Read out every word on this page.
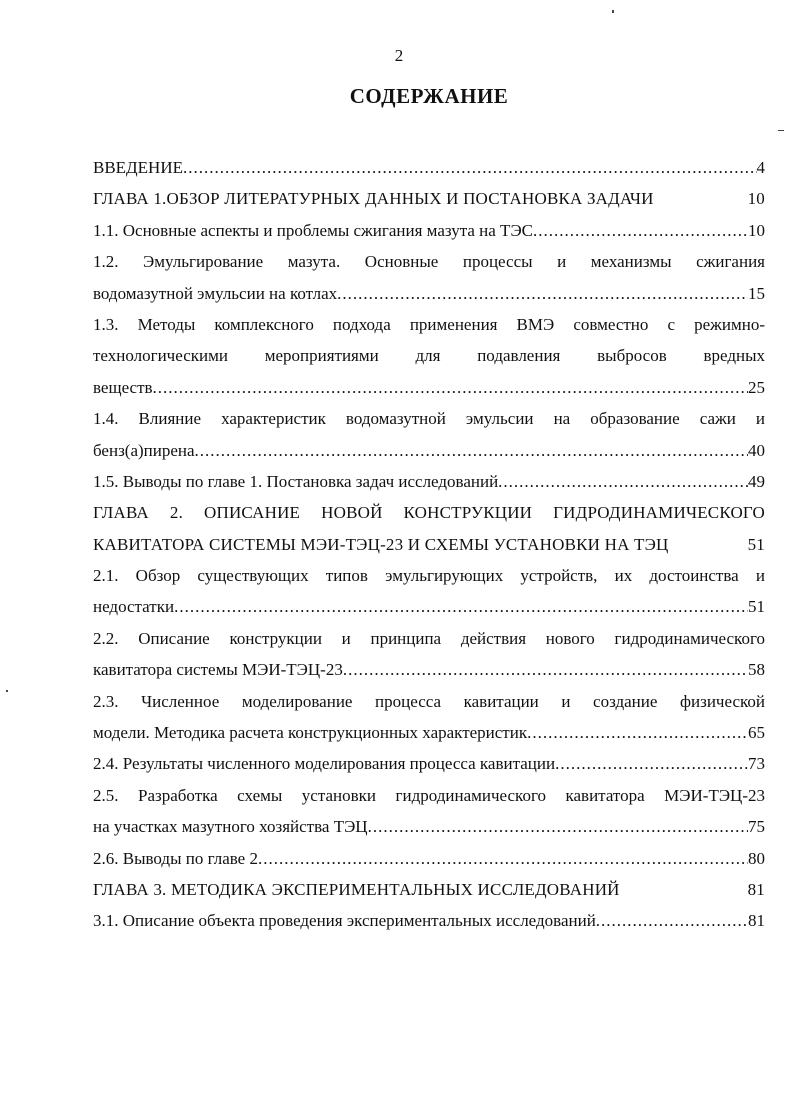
2
СОДЕРЖАНИЕ
ВВЕДЕНИЕ .....	4
ГЛАВА 1.ОБЗОР ЛИТЕРАТУРНЫХ ДАННЫХ И ПОСТАНОВКА ЗАДАЧИ	10
1.1. Основные аспекты и проблемы сжигания мазута на ТЭС .....	10
1.2. Эмульгирование мазута. Основные процессы и механизмы сжигания
водомазутной эмульсии на котлах .....	15
1.3. Методы комплексного подхода применения ВМЭ совместно с режимно-
технологическими мероприятиями для подавления выбросов вредных
веществ .....	25
1.4. Влияние характеристик водомазутной эмульсии на образование сажи и
бенз(а)пирена .....	40
1.5. Выводы по главе 1. Постановка задач исследований .....	49
ГЛАВА 2. ОПИСАНИЕ НОВОЙ КОНСТРУКЦИИ ГИДРОДИНАМИЧЕСКОГО
КАВИТАТОРА СИСТЕМЫ МЭИ-ТЭЦ-23 И СХЕМЫ УСТАНОВКИ НА ТЭЦ	51
2.1. Обзор существующих типов эмульгирующих устройств, их достоинства и
недостатки .....	51
2.2. Описание конструкции и принципа действия нового гидродинамического
кавитатора системы МЭИ-ТЭЦ-23 .....	58
2.3. Численное моделирование процесса кавитации и создание физической
модели. Методика расчета конструкционных характеристик .....	65
2.4. Результаты численного моделирования процесса кавитации .....	73
2.5. Разработка схемы установки гидродинамического кавитатора МЭИ-ТЭЦ-23
на участках мазутного хозяйства ТЭЦ .....	75
2.6. Выводы по главе 2 .....	80
ГЛАВА 3. МЕТОДИКА ЭКСПЕРИМЕНТАЛЬНЫХ ИССЛЕДОВАНИЙ	81
3.1. Описание объекта проведения экспериментальных исследований .....	81
